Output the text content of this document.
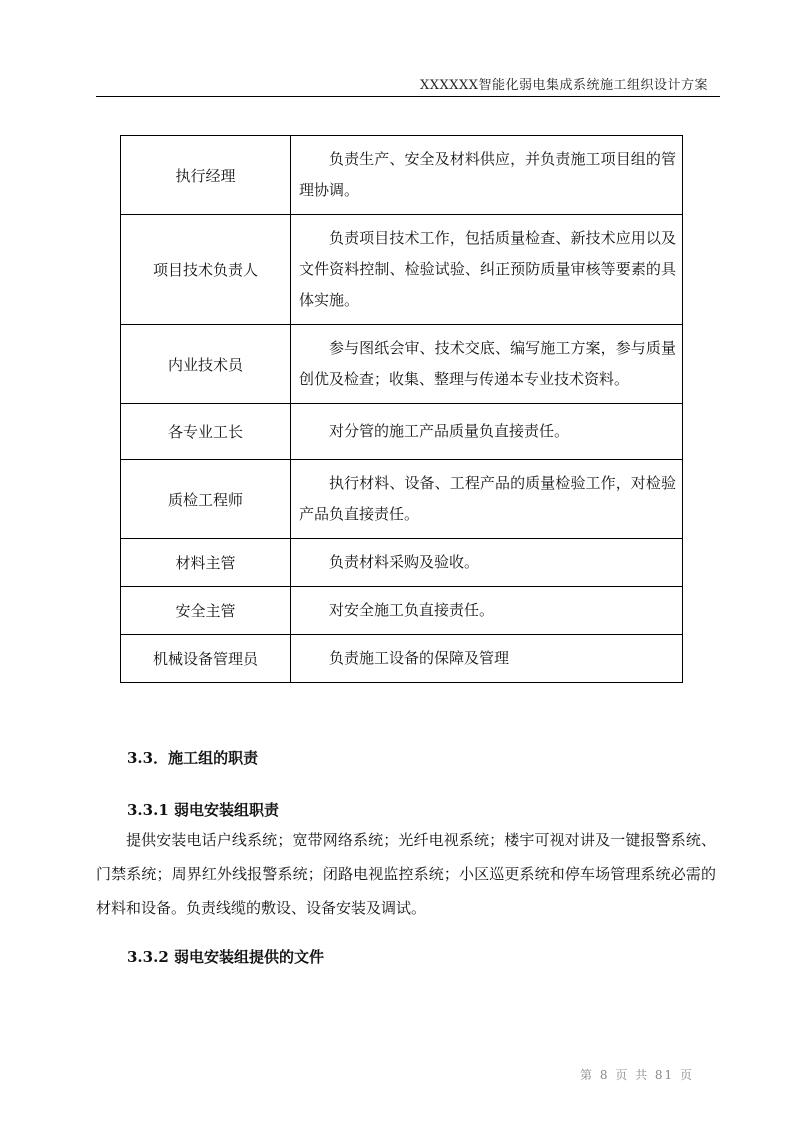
XXXXXX智能化弱电集成系统施工组织设计方案
执行经理	负责生产、安全及材料供应，并负责施工项目组的管理协调。
项目技术负责人	负责项目技术工作，包括质量检查、新技术应用以及文件资料控制、检验试验、纠正预防质量审核等要素的具体实施。
内业技术员	参与图纸会审、技术交底、编写施工方案，参与质量创优及检查；收集、整理与传递本专业技术资料。
各专业工长	对分管的施工产品质量负直接责任。
质检工程师	执行材料、设备、工程产品的质量检验工作，对检验产品负直接责任。
材料主管	负责材料采购及验收。
安全主管	对安全施工负直接责任。
机械设备管理员	负责施工设备的保障及管理
3.3．施工组的职责
3.3.1 弱电安装组职责
提供安装电话户线系统；宽带网络系统；光纤电视系统；楼宇可视对讲及一键报警系统、门禁系统；周界红外线报警系统；闭路电视监控系统；小区巡更系统和停车场管理系统必需的材料和设备。负责线缆的敷设、设备安装及调试。
3.3.2 弱电安装组提供的文件
第 8 页 共 81 页
